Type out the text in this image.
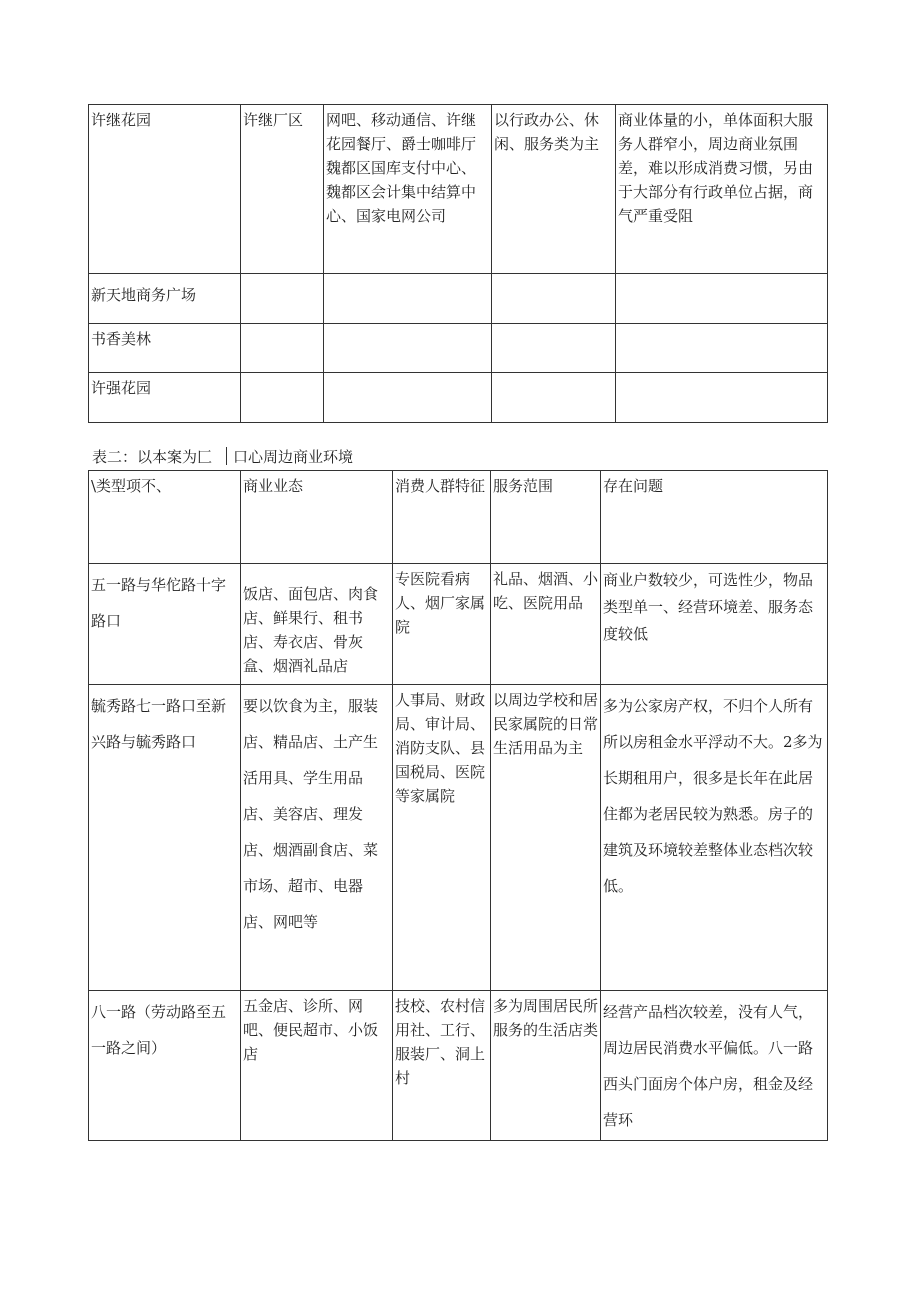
许继花园	许继厂区	网吧、移动通信、许继花园餐厅、爵士咖啡厅魏都区国库支付中心、魏都区会计集中结算中心、国家电网公司	以行政办公、休闲、服务类为主	商业体量的小，单体面积大服务人群窄小，周边商业氛围差，难以形成消费习惯，另由于大部分有行政单位占据，商气严重受阻
新天地商务广场				
书香美林				
许强花园				
表二：以本案为匚 口心周边商业环境
\类型项不、	商业业态	消费人群特征	服务范围	存在问题
五一路与华佗路十字路口	饭店、面包店、肉食店、鲜果行、租书店、寿衣店、骨灰盒、烟酒礼品店	专医院看病人、烟厂家属院	礼品、烟酒、小吃、医院用品	商业户数较少，可选性少，物品类型单一、经营环境差、服务态度较低
毓秀路七一路口至新兴路与毓秀路口	要以饮食为主，服装店、精品店、土产生活用具、学生用品店、美容店、理发店、烟酒副食店、菜市场、超市、电器店、网吧等	人事局、财政局、审计局、消防支队、县国税局、医院等家属院	以周边学校和居民家属院的日常生活用品为主	多为公家房产权，不归个人所有所以房租金水平浮动不大。2多为长期租用户，很多是长年在此居住都为老居民较为熟悉。房子的建筑及环境较差整体业态档次较低。
八一路（劳动路至五一路之间）	五金店、诊所、网吧、便民超市、小饭店	技校、农村信用社、工行、服装厂、洞上村	多为周围居民所服务的生活店类	经营产品档次较差，没有人气，周边居民消费水平偏低。八一路西头门面房个体户房，租金及经营环
